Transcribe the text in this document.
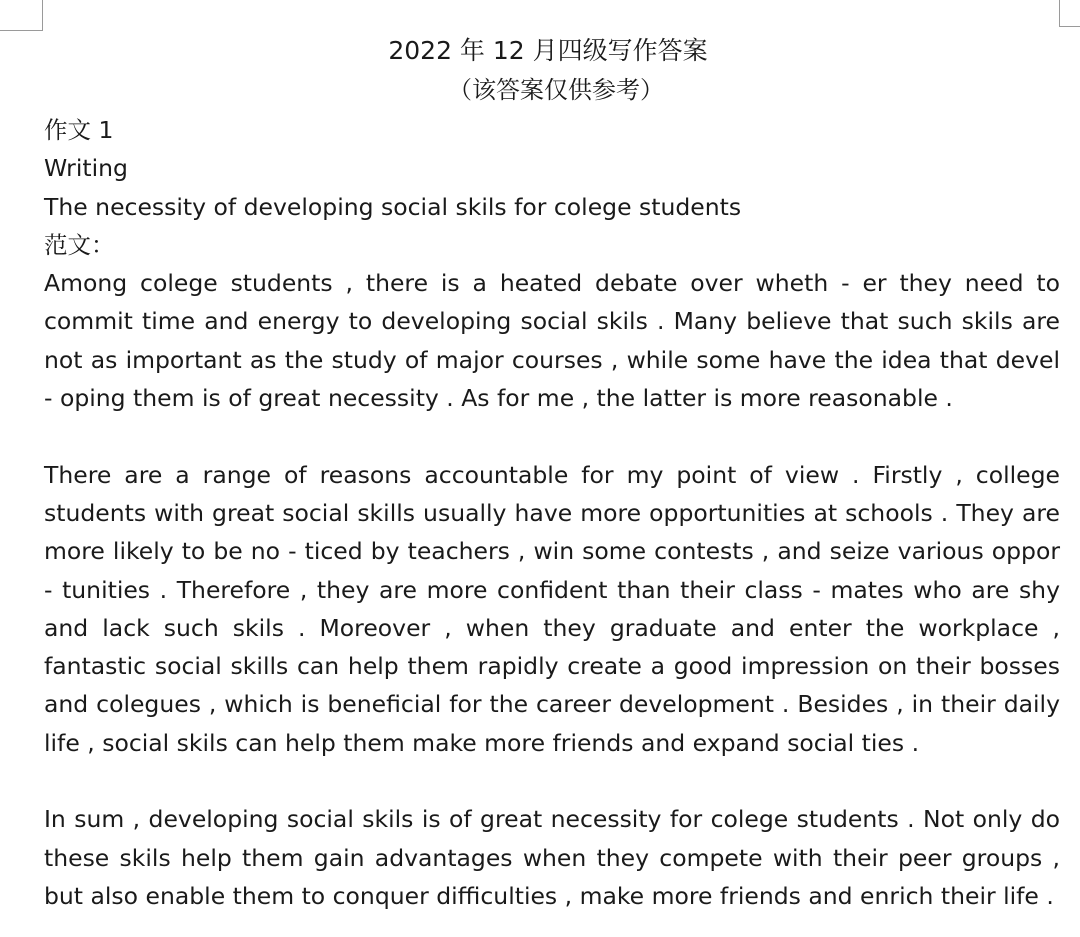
2022 年 12 月四级写作答案

（该答案仅供参考）

作文 1

Writing

The necessity of developing social skils for colege students

范文：

Among colege students , there is a heated debate over wheth - er they need to commit time and energy to developing social skils . Many believe that such skils are not as important as the study of major courses , while some have the idea that devel - oping them is of great necessity . As for me , the latter is more reasonable .

There are a range of reasons accountable for my point of view . Firstly , college students with great social skills usually have more opportunities at schools . They are more likely to be no - ticed by teachers , win some contests , and seize various oppor - tunities . Therefore , they are more confident than their class - mates who are shy and lack such skils . Moreover , when they graduate and enter the workplace , fantastic social skills can help them rapidly create a good impression on their bosses and colegues , which is beneficial for the career development . Besides , in their daily life , social skils can help them make more friends and expand social ties .

In sum , developing social skils is of great necessity for colege students . Not only do these skils help them gain advantages when they compete with their peer groups , but also enable them to conquer difficulties , make more friends and enrich their life .
